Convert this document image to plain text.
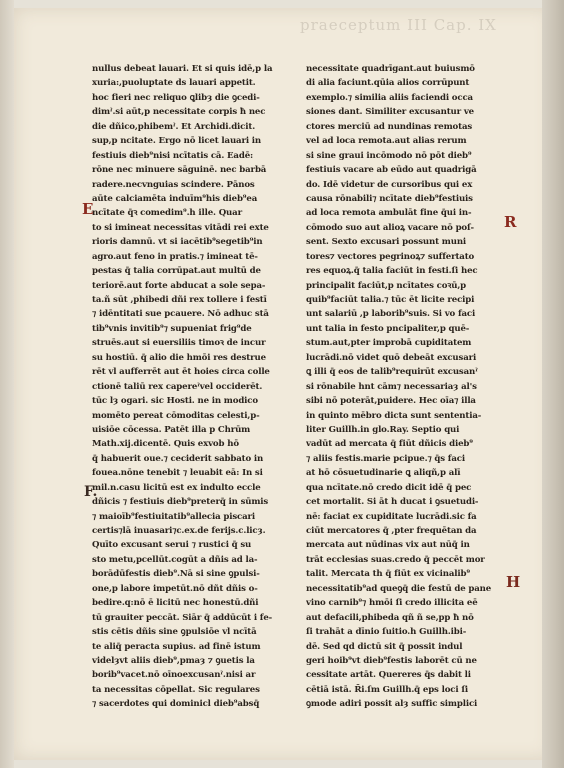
praeceptum III Cap. IX
E
F.
R
H
nullus debeat lauari. Et si quis idē,p la
xuria:,puoluptate ds lauari appetit.
hoc fieri nec reliquo ꝗlibȝ die ꝯcedi-
dimˀ.si aūt,p necessitate corpis ħ nec
die dñico,phibemˀ. Et Archidi.dicit.
sup,p ncitate. Ergo nō licet lauari in
festiuis dieb⁹nisi ncītatis cā. Eadē:
rōne nec minuere sāguinē. nec barbā
radere.necvnguias scindere. Pānos
aūte calciamēta induīm⁹his dieb⁹ea
ncītate q̄ꝛ comedim⁹.h ille. Quar
to si imineat necessitas vitādi rei exte
rioris damnū. vt si iacētib⁹segetib⁹in
agro.aut feno in pratis.⁊ imineat tē-
pestas q̄ talia corrūpat.aut multū de
teriorē.aut forte abducat a sole sepa-
ta.ñ sūt ,phibedi dñi rex tollere i festī
⁊ idēntitati sue pcauere. Nō adhuc stā
tib⁹vnis invitib⁹⁊ supueniat frig⁹de
struēs.aut si euersiliis timoꝛ de incur
su hostiū. q̄ alio die hmōi res destrue
rēt vl aufferrēt aut ēt hoies circa colle
ctionē taliū rex capereˀvel occiderēt.
tūc lȝ ogari. sic Hosti. ne in modico
momēto pereat cōmoditas celesti,p-
uisiōe cōcessa. Patēt illa p Chrūm
Math.xij.dicentē. Quis exvob hō
q̄ habuerit oue.⁊ ceciderit sabbato in
fouea.nōne tenebit ⁊ leuabit eā: In si
mil.n.casu licitū est ex indulto eccle
dñicis ⁊ festiuis dieb⁹preterq̄ in sūmis
⁊ maioīb⁹festiuitatib⁹allecia piscari
certis⁊lā inuasari⁊c.ex.de ferijs.c.licȝ.
Quīto excusant serui ⁊ rustici q̄ su
sto metu,pcellūt.cogūt a dñis ad la-
borādūfestis dieb⁹.Nā si sine ꝯpulsi-
one,p labore impetūt.nō dñt dñis o-
bedire.q:nō ē licitū nec honestū.dñi
tū grauiter peccāt. Siār q̄ addūcūt i fe-
stis cētis dñis sine ꝯpulsiōe vl ncītā
te aliq̄ peracta supius. ad finē istum
videlȝvt aliis dieb⁹,pmaȝ ⁊ ꝯuetis la
borib⁹vacet.nō oīnoexcusanˀ.nisi ar
ta necessitas cōpellat. Sic regulares
⁊ sacerdotes qui dominicl dieb⁹absq̄
necessitate quadrīgant.aut buiusmō
di alia faciunt.qūia alios corrūpunt
exemplo.⁊ similia aliis faciendi occa
siones dant. Similiter excusantur ve
ctores merciū ad nundinas remotas
vel ad loca remota.aut alias rerum
si sine graui incōmodo nō pōt dieb⁹
festiuis vacare ab eūdo aut quadrigā
do. Idē videtur de cursoribus qui ex
causa rōnabili⁊ ncītate dieb⁹festiuis
ad loca remota ambulāt fine q̄ui in-
cōmodo suo aut alioꝝ vacare nō poſ-
sent. Sexto excusari possunt muni
tores⁊ vectores pegrinoꝝ⁊ suffertato
res equoꝝ.q̄ talia faciūt in festi.ſi hec
principalit faciūt,p ncītates coꝛū,p
quib⁹faciūt talia.⁊ tūc ēt licite recipi
unt salariū ,p laborib⁹suis. Si vo faci
unt talia in festo pncipaliter,p quē-
stum.aut,pter improbā cupiditatem
lucrādi.nō videt quō debeāt excusari
ꝗ illi q̄ eos de talib⁹requirūt excusanˀ
si rōnabile hnt cām⁊ necessariaȝ al's
sibi nō poterāt,puidere. Hec oīa⁊ illa
in quinto mēbro dicta sunt sententia-
liter Guillh.in glo.Ray. Septio qui
vadūt ad mercata q̄ fiūt dñicis dieb⁹
⁊ aliis festis.marie pcipue.⁊ q̄s faci
at hō cōsuetudinarie ꝗ aliqñ,p alī
qua ncītate.nō credo dicit idē q̄ pec
cet mortalit. Si āt h ducat i ꝯsuetudi-
nē: faciat ex cupiditate lucrādi.sic fa
ciūt mercatores q̄ ,pter frequētan da
mercata aut nūdinas vix aut nūq̄ in
trāt ecclesias suas.credo q̄ peccēt mor
talit. Mercata th q̄ fiūt ex vicinalib⁹
necessitatib⁹ad queꝯq̄ die festū de pane
vino carnib⁹⁊ hmōi ſi credo illicita eē
aut defacili,phibeda qñ ñ se,pp ħ nō
ſi trahāt a dīnio ſuitio.h Guillh.ibi-
dē. Sed qd dictū sit q̄ possit indul
geri hoib⁹vt dieb⁹festis laborēt cū ne
cessitate artāt. Quereres q̄s dabit li
cētiā istā. R̄i.ſm Guillh.q̄ eps loci ſi
ꝯmode adiri possit alȝ suffic simplici
